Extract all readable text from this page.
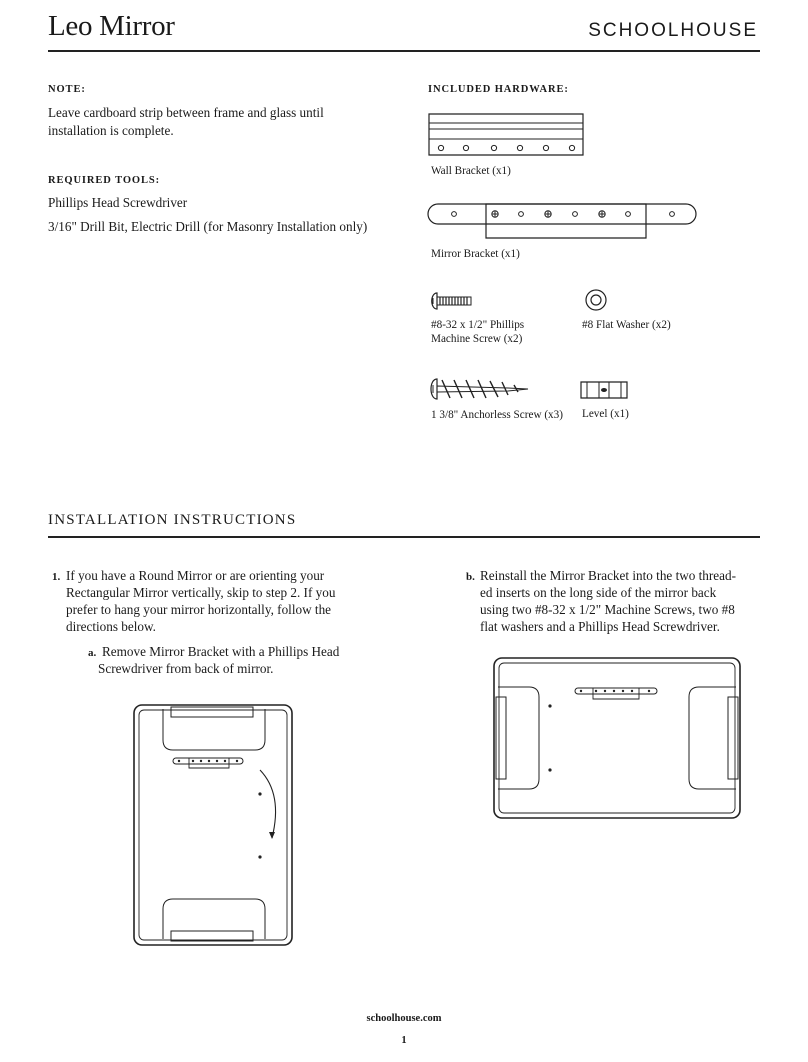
Leo Mirror	SCHOOLHOUSE
NOTE:
Leave cardboard strip between frame and glass until
installation is complete.
REQUIRED TOOLS:
Phillips Head Screwdriver
3/16" Drill Bit, Electric Drill (for Masonry Installation only)
INCLUDED HARDWARE:
Wall Bracket (x1)
Mirror Bracket (x1)
#8-32 x 1/2" Phillips
Machine Screw (x2)
#8 Flat Washer (x2)
1 3/8" Anchorless Screw (x3) Level (x1)
INSTALLATION INSTRUCTIONS
1. If you have a Round Mirror or are orienting your
Rectangular Mirror vertically, skip to step 2. If you
prefer to hang your mirror horizontally, follow the
directions below.
a. Remove Mirror Bracket with a Phillips Head
Screwdriver from back of mirror.
b. Reinstall the Mirror Bracket into the two thread-
ed inserts on the long side of the mirror back
using two #8-32 x 1/2" Machine Screws, two #8
flat washers and a Phillips Head Screwdriver.
schoolhouse.com
1
